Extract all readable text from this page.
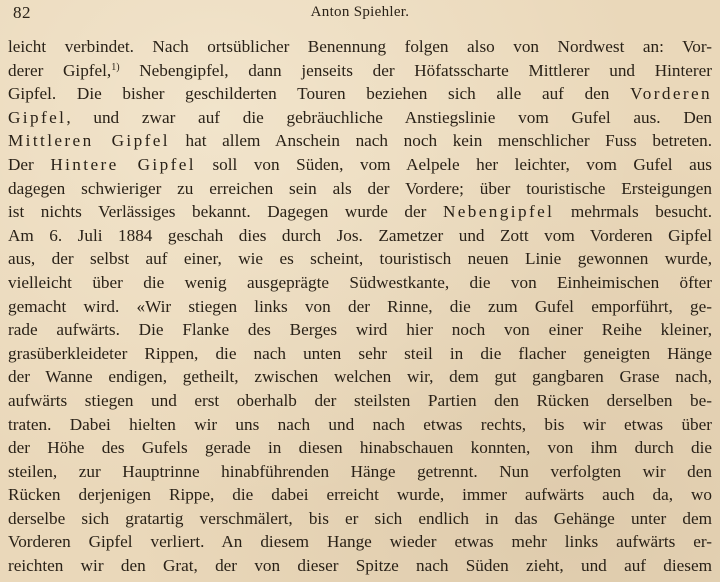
82	Anton Spiehler.
leicht verbindet. Nach ortsüblicher Benennung folgen also von Nordwest an: Vor-
derer Gipfel,$^{1)}$ Nebengipfel, dann jenseits der Höfatsscharte Mittlerer und Hinterer
Gipfel. Die bisher geschilderten Touren beziehen sich alle auf den Vorderen
Gipfel, und zwar auf die gebräuchliche Anstiegslinie vom Gufel aus. Den
Mittleren Gipfel hat allem Anschein nach noch kein menschlicher Fuss betreten.
Der Hintere Gipfel soll von Süden, vom Aelpele her leichter, vom Gufel aus
dagegen schwieriger zu erreichen sein als der Vordere; über touristische Ersteigungen
ist nichts Verlässiges bekannt. Dagegen wurde der Nebengipfel mehrmals besucht.
Am 6. Juli 1884 geschah dies durch Jos. Zametzer und Zott vom Vorderen Gipfel
aus, der selbst auf einer, wie es scheint, touristisch neuen Linie gewonnen wurde,
vielleicht über die wenig ausgeprägte Südwestkante, die von Einheimischen öfter
gemacht wird. «Wir stiegen links von der Rinne, die zum Gufel emporführt, ge-
rade aufwärts. Die Flanke des Berges wird hier noch von einer Reihe kleiner,
grasüberkleideter Rippen, die nach unten sehr steil in die flacher geneigten Hänge
der Wanne endigen, getheilt, zwischen welchen wir, dem gut gangbaren Grase nach,
aufwärts stiegen und erst oberhalb der steilsten Partien den Rücken derselben be-
traten. Dabei hielten wir uns nach und nach etwas rechts, bis wir etwas über
der Höhe des Gufels gerade in diesen hinabschauen konnten, von ihm durch die
steilen, zur Hauptrinne hinabführenden Hänge getrennt. Nun verfolgten wir den
Rücken derjenigen Rippe, die dabei erreicht wurde, immer aufwärts auch da, wo
derselbe sich gratartig verschmälert, bis er sich endlich in das Gehänge unter dem
Vorderen Gipfel verliert. An diesem Hange wieder etwas mehr links aufwärts er-
reichten wir den Grat, der von dieser Spitze nach Süden zieht, und auf diesem
